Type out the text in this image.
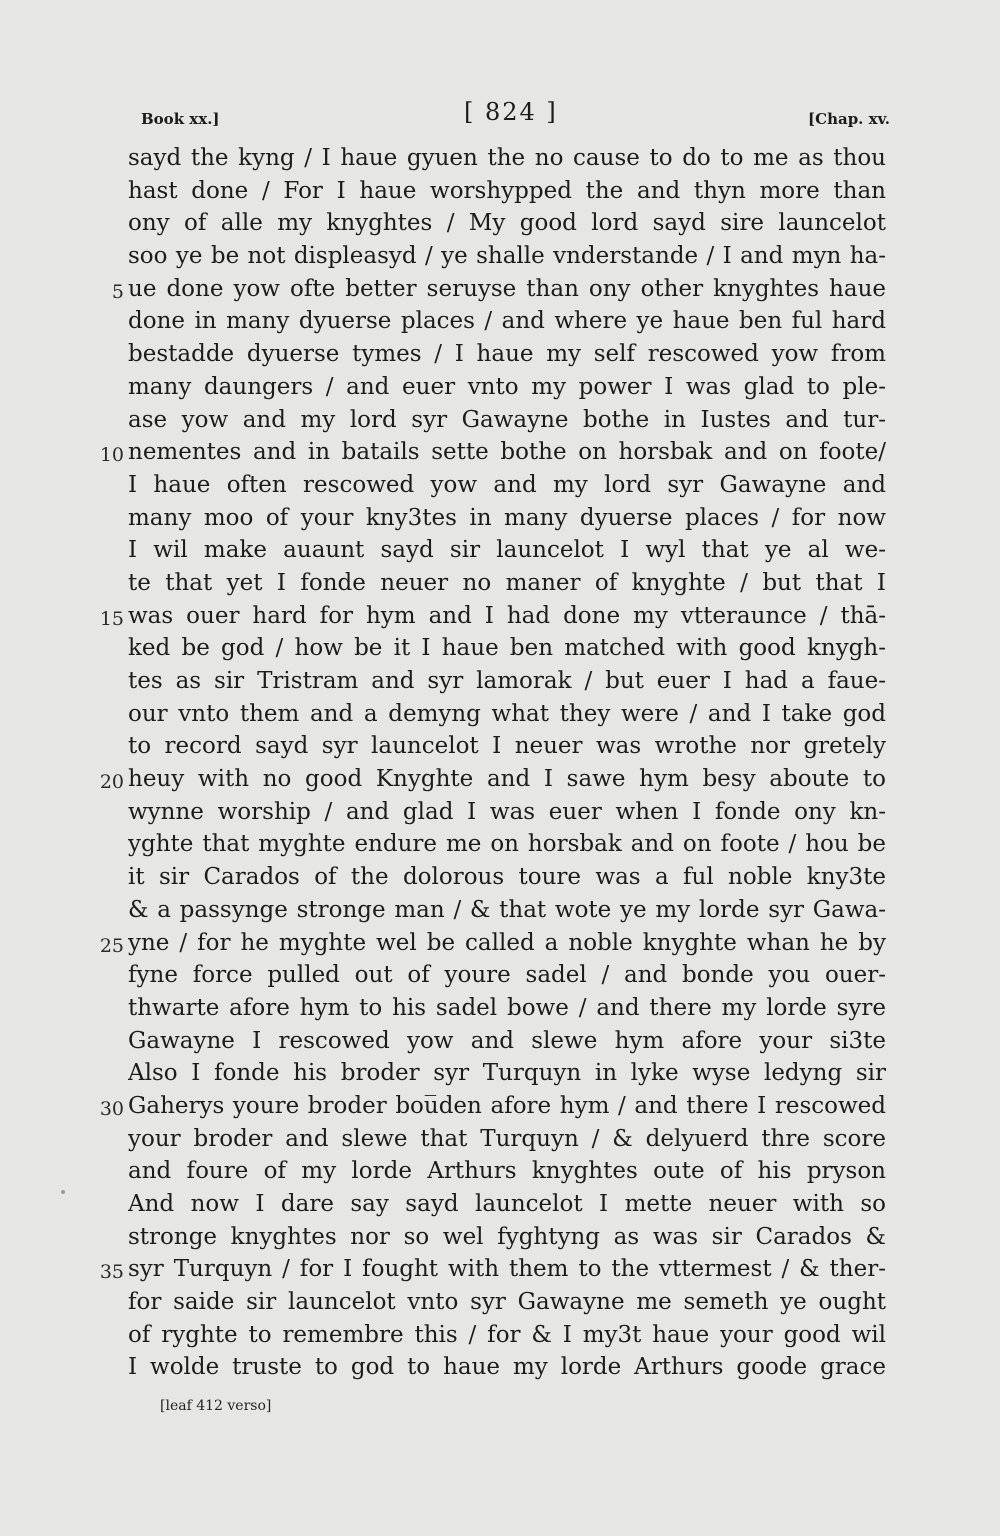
Book xx.]	[ 824 ]	[Chap. xv.
sayd the kyng / I haue gyuen the no cause to do to me as thou
hast done / For I haue worshypped the and thyn more than
ony of alle my knyghtes / My good lord sayd sire launcelot
soo ye be not displeasyd / ye shalle vnderstande / I and myn ha-
5 ue done yow ofte better seruyse than ony other knyghtes haue
done in many dyuerse places / and where ye haue ben ful hard
bestadde dyuerse tymes / I haue my self rescowed yow from
many daungers / and euer vnto my power I was glad to ple-
ase yow and my lord syr Gawayne bothe in Iustes and tur-
10 nementes and in batails sette bothe on horsbak and on foote/
I haue often rescowed yow and my lord syr Gawayne and
many moo of your kny3tes in many dyuerse places / for now
I wil make auaunt sayd sir launcelot I wyl that ye al we-
te that yet I fonde neuer no maner of knyghte / but that I
15 was ouer hard for hym and I had done my vtteraunce / thā-
ked be god / how be it I haue ben matched with good knygh-
tes as sir Tristram and syr lamorak / but euer I had a faue-
our vnto them and a demyng what they were / and I take god
to record sayd syr launcelot I neuer was wrothe nor gretely
20 heuy with no good Knyghte and I sawe hym besy aboute to
wynne worship / and glad I was euer when I fonde ony kn-
yghte that myghte endure me on horsbak and on foote / hou be
it sir Carados of the dolorous toure was a ful noble kny3te
& a passynge stronge man / & that wote ye my lorde syr Gawa-
25 yne / for he myghte wel be called a noble knyghte whan he by
fyne force pulled out of youre sadel / and bonde you ouer-
thwarte afore hym to his sadel bowe / and there my lorde syre
Gawayne I rescowed yow and slewe hym afore your si3te
Also I fonde his broder syr Turquyn in lyke wyse ledyng sir
30 Gaherys youre broder bou̅den afore hym / and there I rescowed
your broder and slewe that Turquyn / & delyuerd thre score
and foure of my lorde Arthurs knyghtes oute of his pryson
And now I dare say sayd launcelot I mette neuer with so
stronge knyghtes nor so wel fyghtyng as was sir Carados &
35 syr Turquyn / for I fought with them to the vttermest / & ther-
for saide sir launcelot vnto syr Gawayne me semeth ye ought
of ryghte to remembre this / for & I my3t haue your good wil
I wolde truste to god to haue my lorde Arthurs goode grace
[leaf 412 verso]
